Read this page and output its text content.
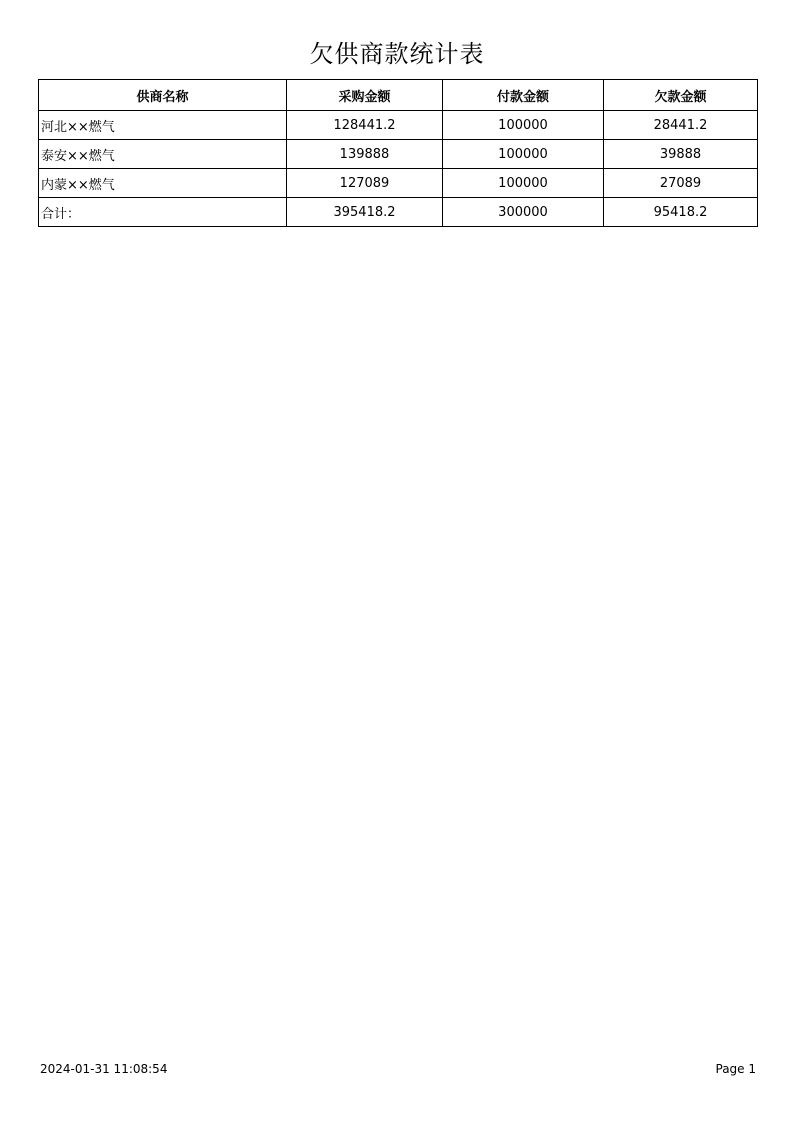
欠供商款统计表
供商名称	采购金额	付款金额	欠款金额
河北××燃气	128441.2	100000	28441.2
泰安××燃气	139888	100000	39888
内蒙××燃气	127089	100000	27089
合计：	395418.2	300000	95418.2
2024-01-31 11:08:54	Page 1
